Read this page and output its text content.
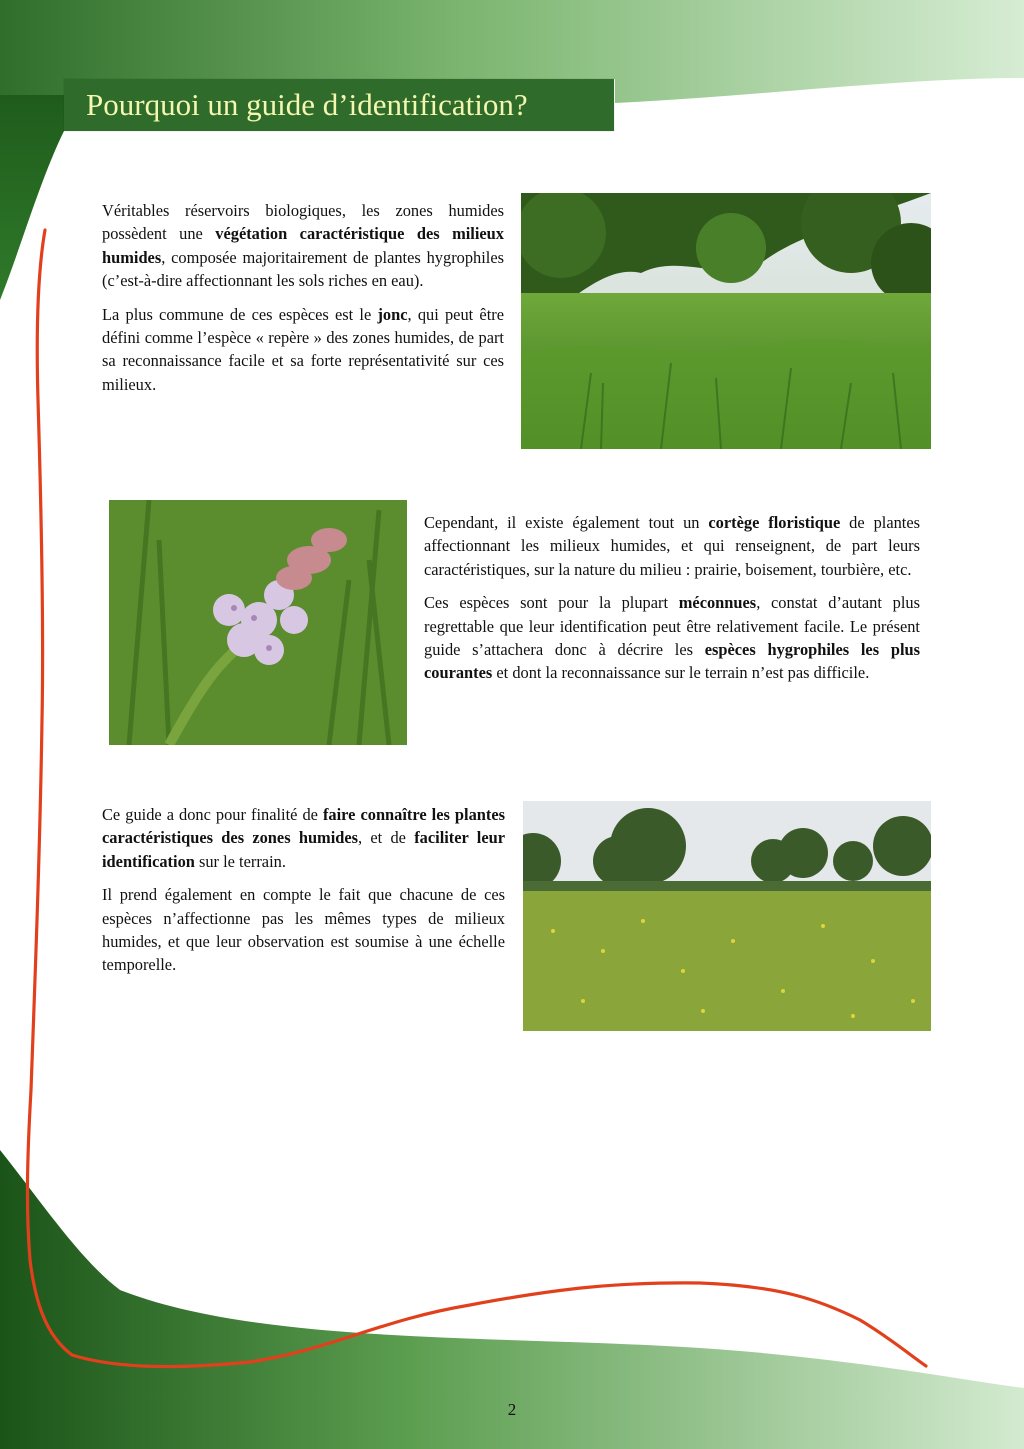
Pourquoi un guide d’identification?

Véritables réservoirs biologiques, les zones humides possèdent une végétation caractéristique des milieux humides, composée majoritairement de plantes hygrophiles (c’est-à-dire affectionnant les sols riches en eau).

La plus commune de ces espèces est le jonc, qui peut être défini comme l’espèce « repère » des zones humides, de part sa reconnaissance facile et sa forte représentativité sur ces milieux.

Cependant, il existe également tout un cortège floristique de plantes affectionnant les milieux humides, et qui renseignent, de part leurs caractéristiques, sur la nature du milieu : prairie, boisement, tourbière, etc.

Ces espèces sont pour la plupart méconnues, constat d’autant plus regrettable que leur identification peut être relativement facile. Le présent guide s’attachera donc à décrire les espèces hygrophiles les plus courantes et dont la reconnaissance sur le terrain n’est pas difficile.

Ce guide a donc pour finalité de faire connaître les plantes caractéristiques des zones humides, et de faciliter leur identification sur le terrain.

Il prend également en compte le fait que chacune de ces espèces n’affectionne pas les mêmes types de milieux humides, et que leur observation est soumise à une échelle temporelle.

2
